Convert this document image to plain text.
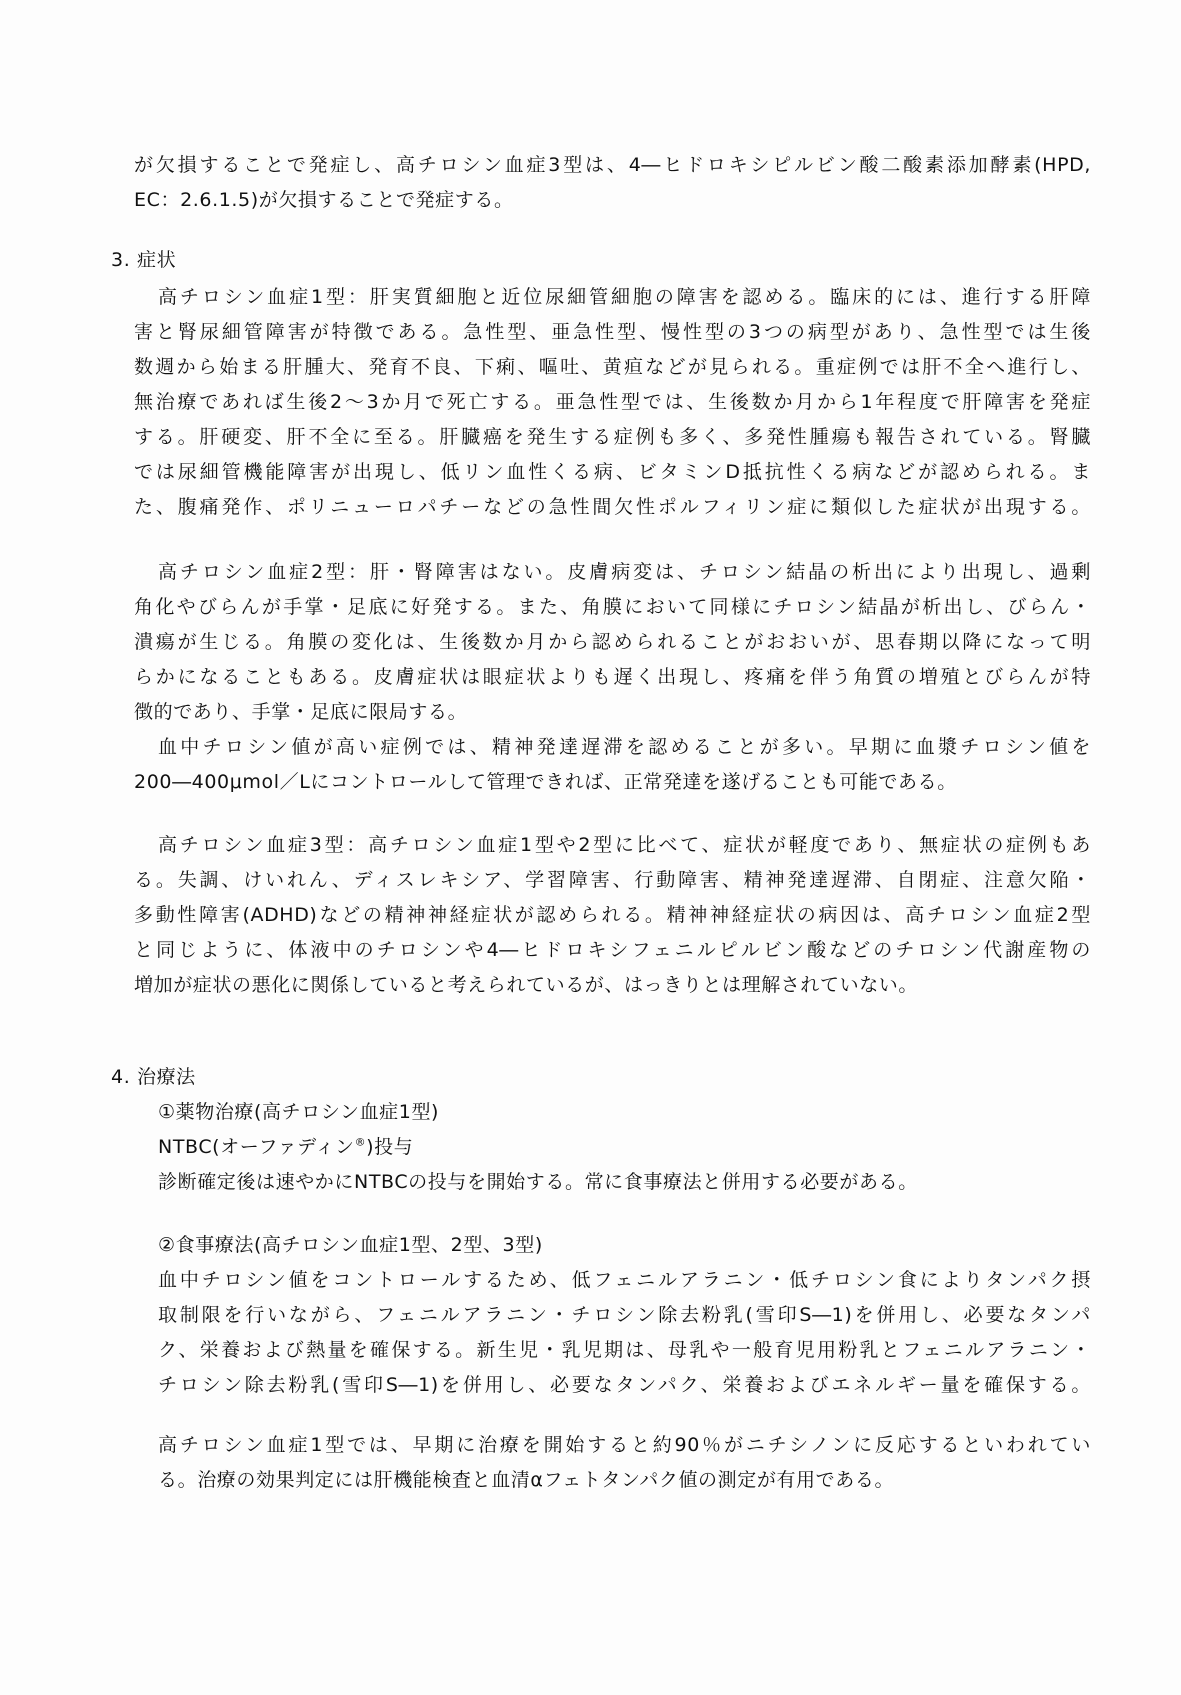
が欠損することで発症し、高チロシン血症3型は、4―ヒドロキシピルビン酸二酸素添加酵素(HPD,
EC：2.6.1.5)が欠損することで発症する。
3. 症状
高チロシン血症1型：肝実質細胞と近位尿細管細胞の障害を認める。臨床的には、進行する肝障
害と腎尿細管障害が特徴である。急性型、亜急性型、慢性型の3つの病型があり、急性型では生後
数週から始まる肝腫大、発育不良、下痢、嘔吐、黄疸などが見られる。重症例では肝不全へ進行し、
無治療であれば生後2～3か月で死亡する。亜急性型では、生後数か月から1年程度で肝障害を発症
する。肝硬変、肝不全に至る。肝臓癌を発生する症例も多く、多発性腫瘍も報告されている。腎臓
では尿細管機能障害が出現し、低リン血性くる病、ビタミンD抵抗性くる病などが認められる。ま
た、腹痛発作、ポリニューロパチーなどの急性間欠性ポルフィリン症に類似した症状が出現する。
高チロシン血症2型：肝・腎障害はない。皮膚病変は、チロシン結晶の析出により出現し、過剰
角化やびらんが手掌・足底に好発する。また、角膜において同様にチロシン結晶が析出し、びらん・
潰瘍が生じる。角膜の変化は、生後数か月から認められることがおおいが、思春期以降になって明
らかになることもある。皮膚症状は眼症状よりも遅く出現し、疼痛を伴う角質の増殖とびらんが特
徴的であり、手掌・足底に限局する。
血中チロシン値が高い症例では、精神発達遅滞を認めることが多い。早期に血漿チロシン値を
200―400μmol／Lにコントロールして管理できれば、正常発達を遂げることも可能である。
高チロシン血症3型：高チロシン血症1型や2型に比べて、症状が軽度であり、無症状の症例もあ
る。失調、けいれん、ディスレキシア、学習障害、行動障害、精神発達遅滞、自閉症、注意欠陥・
多動性障害(ADHD)などの精神神経症状が認められる。精神神経症状の病因は、高チロシン血症2型
と同じように、体液中のチロシンや4―ヒドロキシフェニルピルビン酸などのチロシン代謝産物の
増加が症状の悪化に関係していると考えられているが、はっきりとは理解されていない。
4. 治療法
①薬物治療(高チロシン血症1型)
NTBC(オーファディン®)投与
診断確定後は速やかにNTBCの投与を開始する。常に食事療法と併用する必要がある。
②食事療法(高チロシン血症1型、2型、3型)
血中チロシン値をコントロールするため、低フェニルアラニン・低チロシン食によりタンパク摂
取制限を行いながら、フェニルアラニン・チロシン除去粉乳(雪印S―1)を併用し、必要なタンパ
ク、栄養および熱量を確保する。新生児・乳児期は、母乳や一般育児用粉乳とフェニルアラニン・
チロシン除去粉乳(雪印S―1)を併用し、必要なタンパク、栄養およびエネルギー量を確保する。
高チロシン血症1型では、早期に治療を開始すると約90％がニチシノンに反応するといわれてい
る。治療の効果判定には肝機能検査と血清αフェトタンパク値の測定が有用である。
